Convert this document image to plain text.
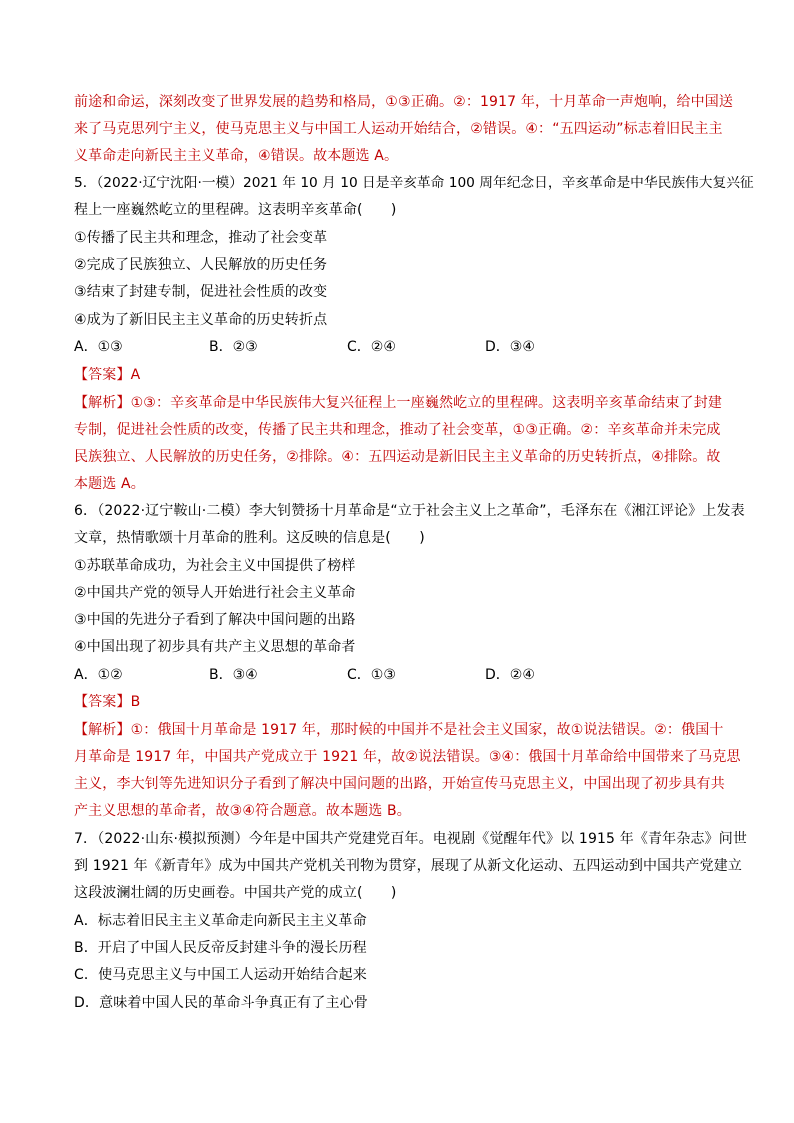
前途和命运，深刻改变了世界发展的趋势和格局，①③正确。②：1917 年，十月革命一声炮响，给中国送
来了马克思列宁主义，使马克思主义与中国工人运动开始结合，②错误。④：“五四运动”标志着旧民主主
义革命走向新民主主义革命，④错误。故本题选 A。
5．（2022·辽宁沈阳·一模）2021 年 10 月 10 日是辛亥革命 100 周年纪念日，辛亥革命是中华民族伟大复兴征
程上一座巍然屹立的里程碑。这表明辛亥革命(　　)
①传播了民主共和理念，推动了社会变革
②完成了民族独立、人民解放的历史任务
③结束了封建专制，促进社会性质的改变
④成为了新旧民主主义革命的历史转折点
A．①③	B．②③	C．②④	D．③④
【答案】A
【解析】①③：辛亥革命是中华民族伟大复兴征程上一座巍然屹立的里程碑。这表明辛亥革命结束了封建
专制，促进社会性质的改变，传播了民主共和理念，推动了社会变革，①③正确。②：辛亥革命并未完成
民族独立、人民解放的历史任务，②排除。④：五四运动是新旧民主主义革命的历史转折点，④排除。故
本题选 A。
6．（2022·辽宁鞍山·二模）李大钊赞扬十月革命是“立于社会主义上之革命”，毛泽东在《湘江评论》上发表
文章，热情歌颂十月革命的胜利。这反映的信息是(　　)
①苏联革命成功，为社会主义中国提供了榜样
②中国共产党的领导人开始进行社会主义革命
③中国的先进分子看到了解决中国问题的出路
④中国出现了初步具有共产主义思想的革命者
A．①②	B．③④	C．①③	D．②④
【答案】B
【解析】①：俄国十月革命是 1917 年，那时候的中国并不是社会主义国家，故①说法错误。②：俄国十
月革命是 1917 年，中国共产党成立于 1921 年，故②说法错误。③④：俄国十月革命给中国带来了马克思
主义，李大钊等先进知识分子看到了解决中国问题的出路，开始宣传马克思主义，中国出现了初步具有共
产主义思想的革命者，故③④符合题意。故本题选 B。
7．（2022·山东·模拟预测）今年是中国共产党建党百年。电视剧《觉醒年代》以 1915 年《青年杂志》问世
到 1921 年《新青年》成为中国共产党机关刊物为贯穿，展现了从新文化运动、五四运动到中国共产党建立
这段波澜壮阔的历史画卷。中国共产党的成立(　　)
A．标志着旧民主主义革命走向新民主主义革命
B．开启了中国人民反帝反封建斗争的漫长历程
C．使马克思主义与中国工人运动开始结合起来
D．意味着中国人民的革命斗争真正有了主心骨
